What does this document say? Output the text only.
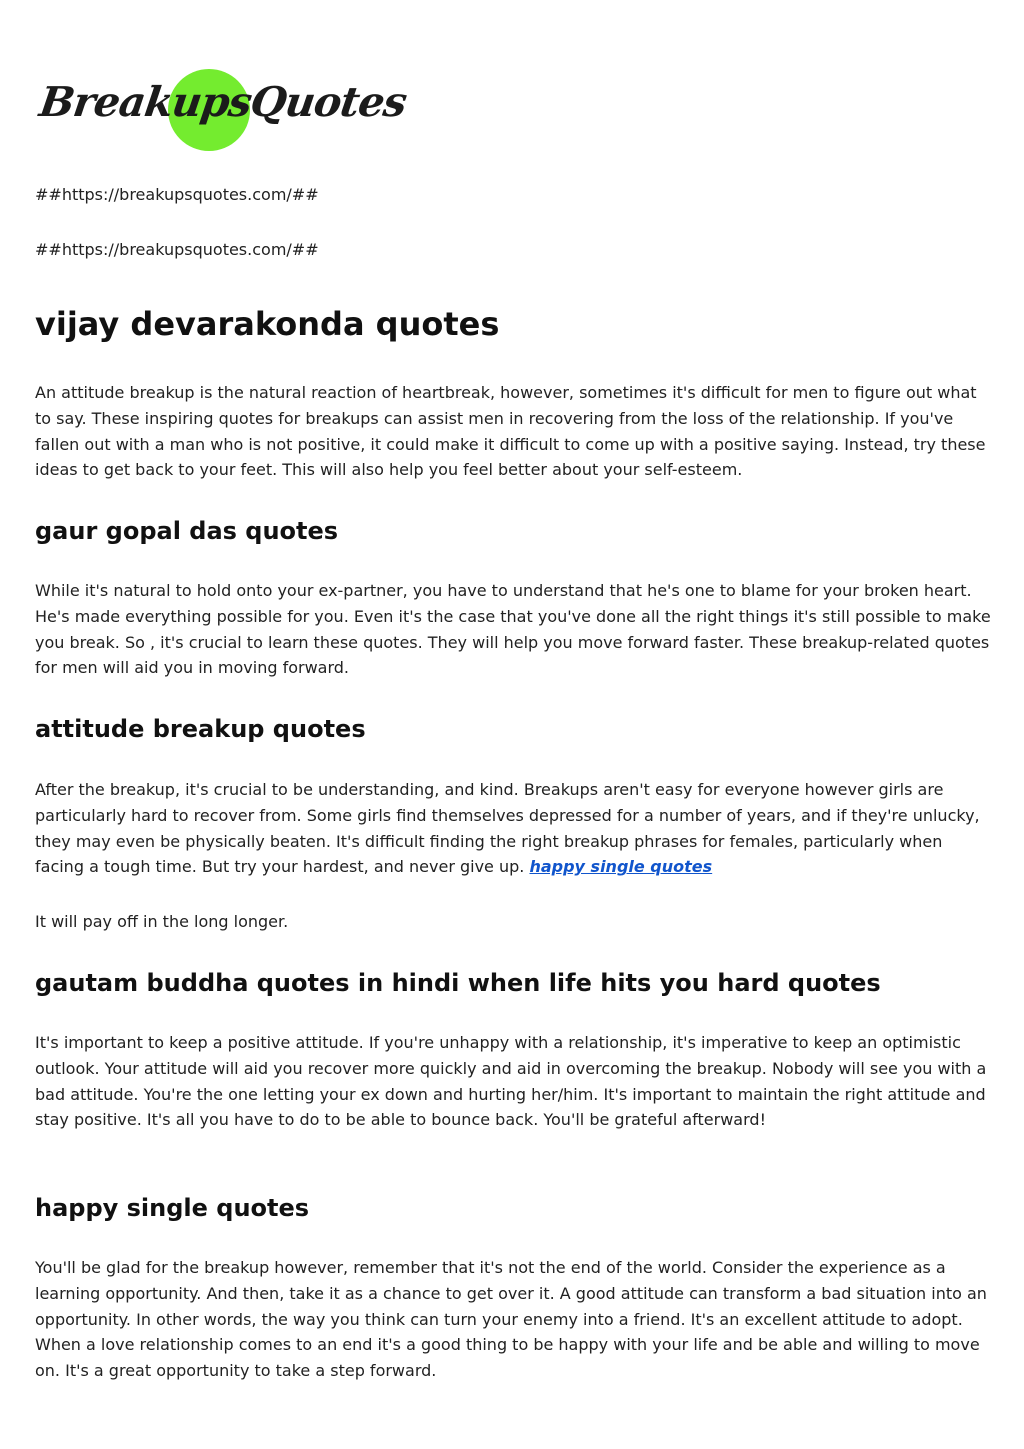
BreakupsQuotes
##https://breakupsquotes.com/##
##https://breakupsquotes.com/##
vijay devarakonda quotes

An attitude breakup is the natural reaction of heartbreak, however, sometimes it's difficult for men to figure out what to say. These inspiring quotes for breakups can assist men in recovering from the loss of the relationship. If you've fallen out with a man who is not positive, it could make it difficult to come up with a positive saying. Instead, try these ideas to get back to your feet. This will also help you feel better about your self-esteem.

gaur gopal das quotes

While it's natural to hold onto your ex-partner, you have to understand that he's one to blame for your broken heart. He's made everything possible for you. Even it's the case that you've done all the right things it's still possible to make you break. So , it's crucial to learn these quotes. They will help you move forward faster. These breakup-related quotes for men will aid you in moving forward.

attitude breakup quotes

After the breakup, it's crucial to be understanding, and kind. Breakups aren't easy for everyone however girls are particularly hard to recover from. Some girls find themselves depressed for a number of years, and if they're unlucky, they may even be physically beaten. It's difficult finding the right breakup phrases for females, particularly when facing a tough time. But try your hardest, and never give up. happy single quotes

It will pay off in the long longer.

gautam buddha quotes in hindi when life hits you hard quotes

It's important to keep a positive attitude. If you're unhappy with a relationship, it's imperative to keep an optimistic outlook. Your attitude will aid you recover more quickly and aid in overcoming the breakup. Nobody will see you with a bad attitude. You're the one letting your ex down and hurting her/him. It's important to maintain the right attitude and stay positive. It's all you have to do to be able to bounce back. You'll be grateful afterward!

happy single quotes

You'll be glad for the breakup however, remember that it's not the end of the world. Consider the experience as a learning opportunity. And then, take it as a chance to get over it. A good attitude can transform a bad situation into an opportunity. In other words, the way you think can turn your enemy into a friend. It's an excellent attitude to adopt. When a love relationship comes to an end it's a good thing to be happy with your life and be able and willing to move on. It's a great opportunity to take a step forward.
